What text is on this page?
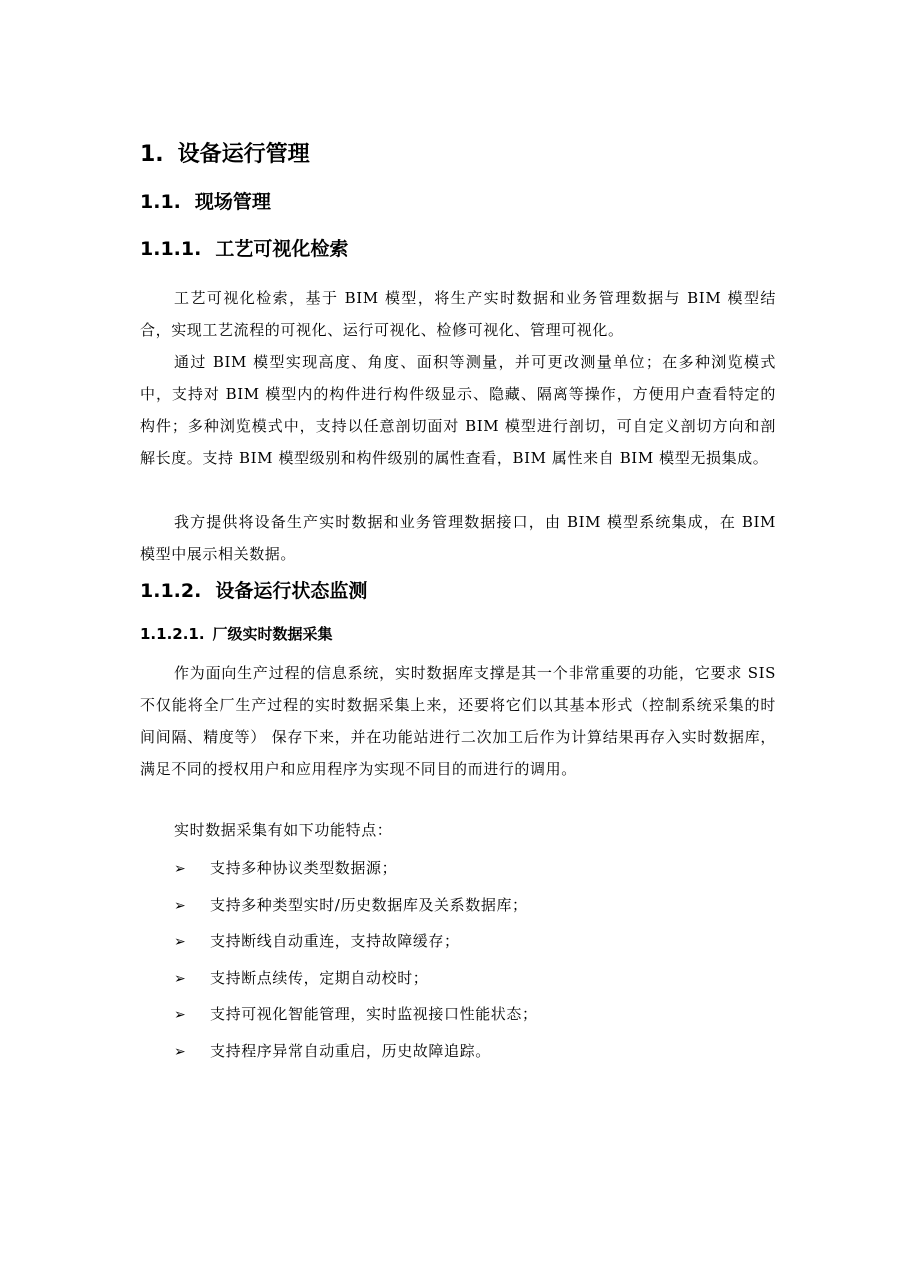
1. 设备运行管理
1.1. 现场管理
1.1.1. 工艺可视化检索

工艺可视化检索，基于 BIM 模型，将生产实时数据和业务管理数据与 BIM 模型结合，实现工艺流程的可视化、运行可视化、检修可视化、管理可视化。

通过 BIM 模型实现高度、角度、面积等测量，并可更改测量单位；在多种浏览模式中，支持对 BIM 模型内的构件进行构件级显示、隐藏、隔离等操作，方便用户查看特定的构件；多种浏览模式中，支持以任意剖切面对 BIM 模型进行剖切，可自定义剖切方向和剖解长度。支持 BIM 模型级别和构件级别的属性查看，BIM 属性来自 BIM 模型无损集成。

我方提供将设备生产实时数据和业务管理数据接口，由 BIM 模型系统集成，在 BIM 模型中展示相关数据。

1.1.2. 设备运行状态监测
1.1.2.1. 厂级实时数据采集

作为面向生产过程的信息系统，实时数据库支撑是其一个非常重要的功能，它要求 SIS 不仅能将全厂生产过程的实时数据采集上来，还要将它们以其基本形式（控制系统采集的时间间隔、精度等） 保存下来，并在功能站进行二次加工后作为计算结果再存入实时数据库，满足不同的授权用户和应用程序为实现不同目的而进行的调用。

实时数据采集有如下功能特点：

➢ 支持多种协议类型数据源；
➢ 支持多种类型实时/历史数据库及关系数据库；
➢ 支持断线自动重连，支持故障缓存；
➢ 支持断点续传，定期自动校时；
➢ 支持可视化智能管理，实时监视接口性能状态；
➢ 支持程序异常自动重启，历史故障追踪。
